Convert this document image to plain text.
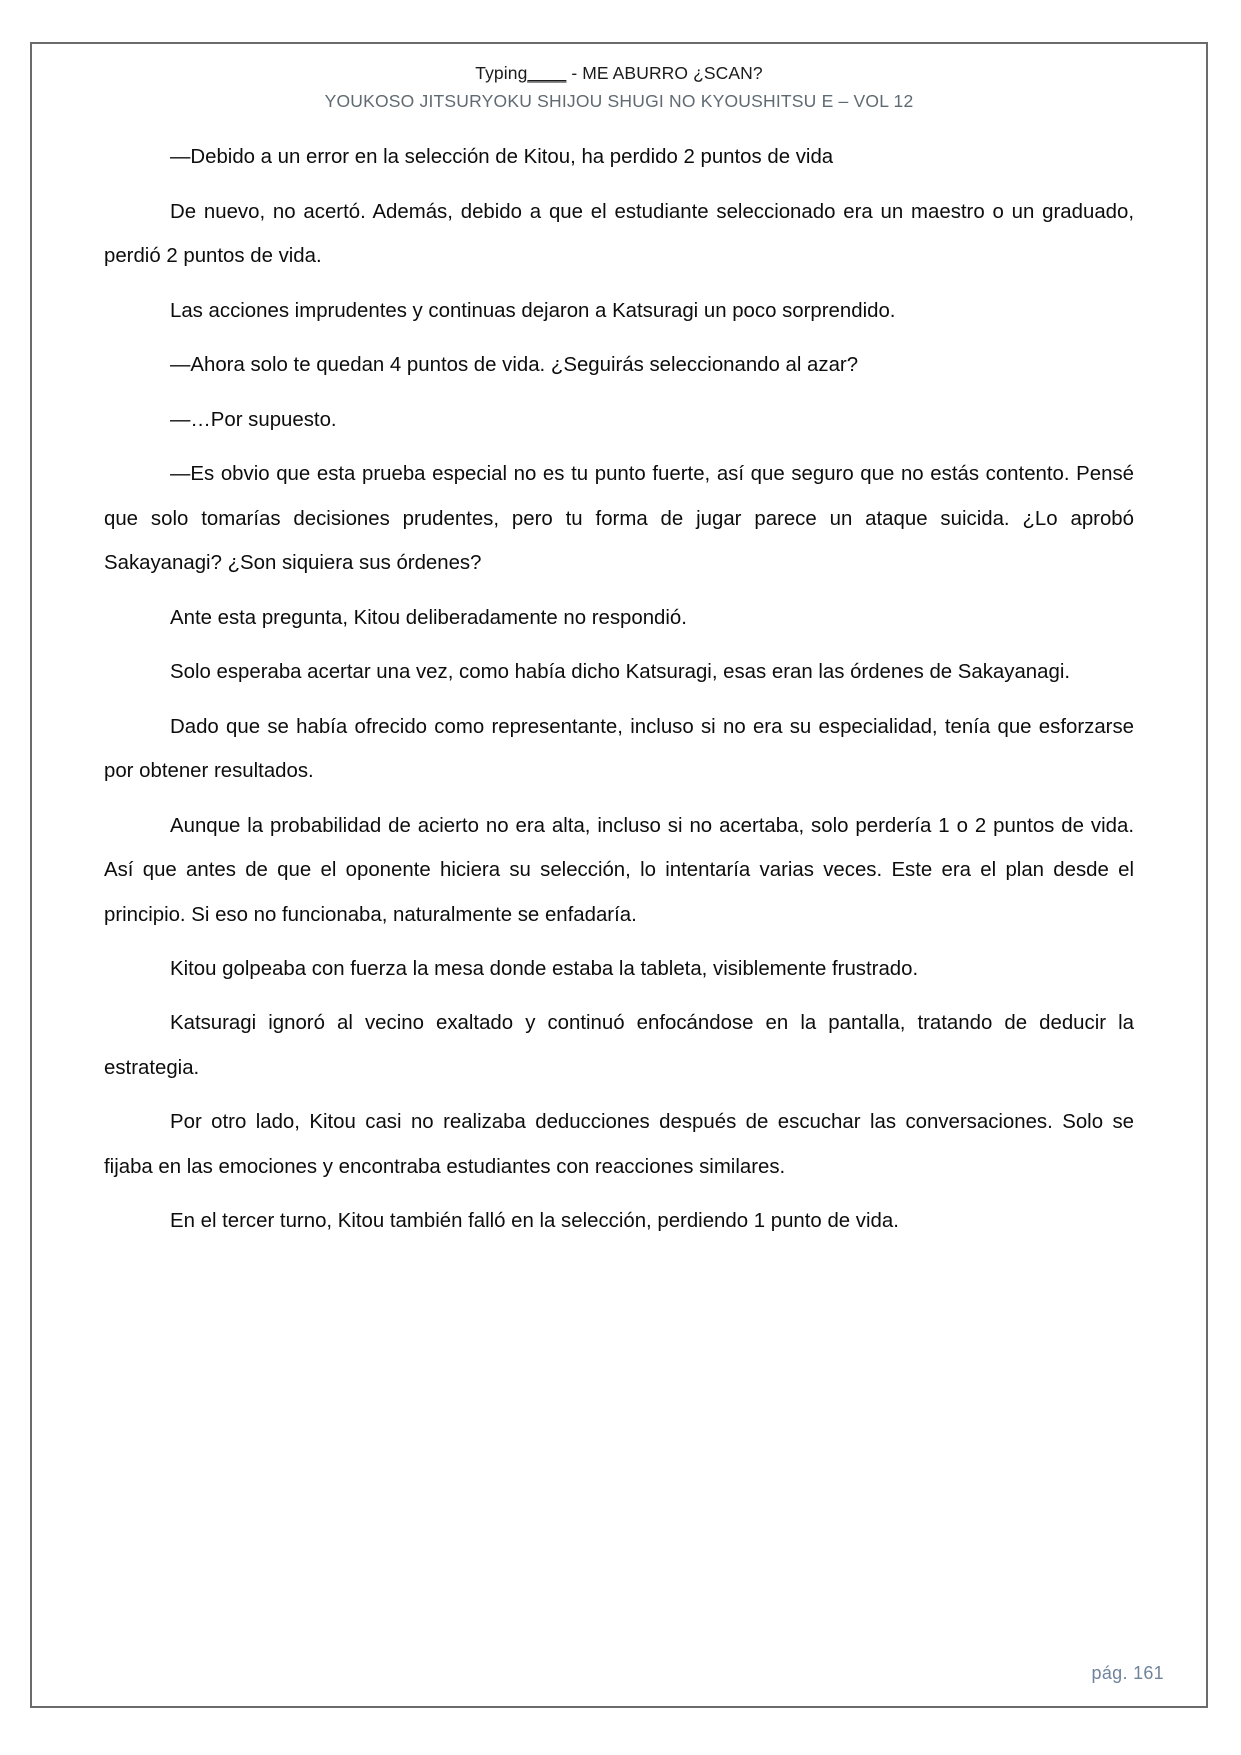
Typing____ - ME ABURRO ¿SCAN?
YOUKOSO JITSURYOKU SHIJOU SHUGI NO KYOUSHITSU E – VOL 12

—Debido a un error en la selección de Kitou, ha perdido 2 puntos de vida

De nuevo, no acertó. Además, debido a que el estudiante seleccionado era un maestro o un graduado, perdió 2 puntos de vida.

Las acciones imprudentes y continuas dejaron a Katsuragi un poco sorprendido.

—Ahora solo te quedan 4 puntos de vida. ¿Seguirás seleccionando al azar?

—…Por supuesto.

—Es obvio que esta prueba especial no es tu punto fuerte, así que seguro que no estás contento. Pensé que solo tomarías decisiones prudentes, pero tu forma de jugar parece un ataque suicida. ¿Lo aprobó Sakayanagi? ¿Son siquiera sus órdenes?

Ante esta pregunta, Kitou deliberadamente no respondió.

Solo esperaba acertar una vez, como había dicho Katsuragi, esas eran las órdenes de Sakayanagi.

Dado que se había ofrecido como representante, incluso si no era su especialidad, tenía que esforzarse por obtener resultados.

Aunque la probabilidad de acierto no era alta, incluso si no acertaba, solo perdería 1 o 2 puntos de vida. Así que antes de que el oponente hiciera su selección, lo intentaría varias veces. Este era el plan desde el principio. Si eso no funcionaba, naturalmente se enfadaría.

Kitou golpeaba con fuerza la mesa donde estaba la tableta, visiblemente frustrado.

Katsuragi ignoró al vecino exaltado y continuó enfocándose en la pantalla, tratando de deducir la estrategia.

Por otro lado, Kitou casi no realizaba deducciones después de escuchar las conversaciones. Solo se fijaba en las emociones y encontraba estudiantes con reacciones similares.

En el tercer turno, Kitou también falló en la selección, perdiendo 1 punto de vida.

pág. 161
